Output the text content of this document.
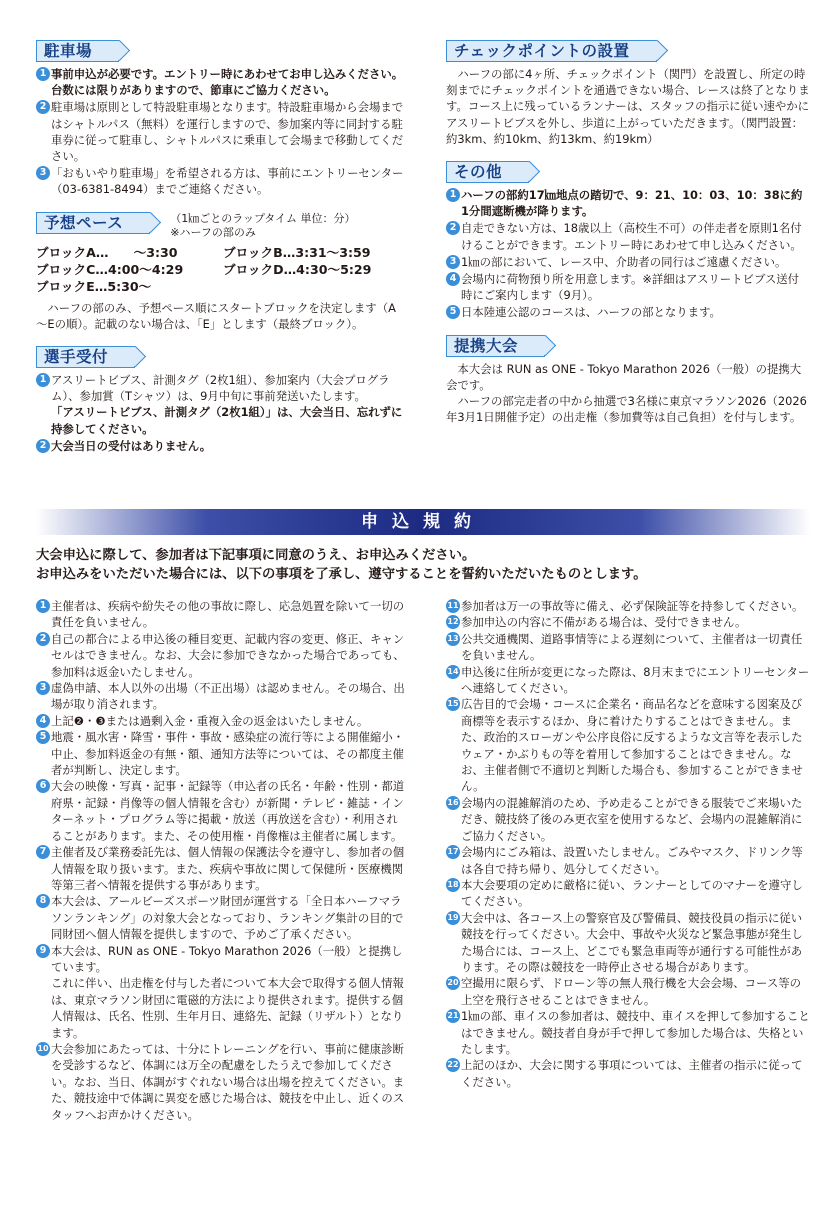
駐車場
1 事前申込が必要です。エントリー時にあわせてお申し込みください。台数には限りがありますので、節車にご協力ください。
2 駐車場は原則として特設駐車場となります。特設駐車場から会場まではシャトルパス（無料）を運行しますので、参加案内等に同封する駐車券に従って駐車し、シャトルパスに乗車して会場まで移動してください。
3 「おもいやり駐車場」を希望される方は、事前にエントリーセンター（03-6381-8494）までご連絡ください。
予想ペース	（1㎞ごとのラップタイム 単位：分）
※ハーフの部のみ
ブロックA…　　～3:30	ブロックB…3:31～3:59
ブロックC…4:00～4:29	ブロックD…4:30～5:29
ブロックE…5:30～
ハーフの部のみ、予想ペース順にスタートブロックを決定します（A～Eの順）。記載のない場合は、「E」とします（最終ブロック）。
選手受付
1 アスリートビブス、計測タグ（2枚1組）、参加案内（大会プログラム）、参加賞（Tシャツ）は、9月中旬に事前発送いたします。
「アスリートビブス、計測タグ（2枚1組）」は、大会当日、忘れずに持参してください。
2 大会当日の受付はありません。
チェックポイントの設置
ハーフの部に4ヶ所、チェックポイント（関門）を設置し、所定の時刻までにチェックポイントを通過できない場合、レースは終了となります。コース上に残っているランナーは、スタッフの指示に従い速やかにアスリートビブスを外し、歩道に上がっていただきます。（関門設置：約3km、約10km、約13km、約19km）
その他
1 ハーフの部約17㎞地点の踏切で、9：21、10：03、10：38に約1分間遮断機が降ります。
2 自走できない方は、18歳以上（高校生不可）の伴走者を原則1名付けることができます。エントリー時にあわせて申し込みください。
3 1㎞の部において、レース中、介助者の同行はご遠慮ください。
4 会場内に荷物預り所を用意します。※詳細はアスリートビブス送付時にご案内します（9月）。
5 日本陸連公認のコースは、ハーフの部となります。
提携大会
本大会は RUN as ONE - Tokyo Marathon 2026（一般）の提携大会です。
ハーフの部完走者の中から抽選で3名様に東京マラソン2026（2026年3月1日開催予定）の出走権（参加費等は自己負担）を付与します。
申込規約
大会申込に際して、参加者は下記事項に同意のうえ、お申込みください。
お申込みをいただいた場合には、以下の事項を了承し、遵守することを誓約いただいたものとします。
1 主催者は、疾病や紛失その他の事故に際し、応急処置を除いて一切の責任を負いません。
2 自己の都合による申込後の種目変更、記載内容の変更、修正、キャンセルはできません。なお、大会に参加できなかった場合であっても、参加料は返金いたしません。
3 虚偽申請、本人以外の出場（不正出場）は認めません。その場合、出場が取り消されます。
4 上記❷・❸または過剰入金・重複入金の返金はいたしません。
5 地震・風水害・降雪・事件・事故・感染症の流行等による開催縮小・中止、参加料返金の有無・額、通知方法等については、その都度主催者が判断し、決定します。
6 大会の映像・写真・記事・記録等（申込者の氏名・年齢・性別・都道府県・記録・肖像等の個人情報を含む）が新聞・テレビ・雑誌・インターネット・プログラム等に掲載・放送（再放送を含む）・利用されることがあります。また、その使用権・肖像権は主催者に属します。
7 主催者及び業務委託先は、個人情報の保護法令を遵守し、参加者の個人情報を取り扱います。また、疾病や事故に関して保健所・医療機関等第三者へ情報を提供する事があります。
8 本大会は、アールビーズスポーツ財団が運営する「全日本ハーフマラソンランキング」の対象大会となっており、ランキング集計の目的で同財団へ個人情報を提供しますので、予めご了承ください。
9 本大会は、RUN as ONE - Tokyo Marathon 2026（一般）と提携しています。
これに伴い、出走権を付与した者について本大会で取得する個人情報は、東京マラソン財団に電磁的方法により提供されます。提供する個人情報は、氏名、性別、生年月日、連絡先、記録（リザルト）となります。
10 大会参加にあたっては、十分にトレーニングを行い、事前に健康診断を受診するなど、体調には万全の配慮をしたうえで参加してください。なお、当日、体調がすぐれない場合は出場を控えてください。また、競技途中で体調に異変を感じた場合は、競技を中止し、近くのスタッフへお声かけください。
11 参加者は万一の事故等に備え、必ず保険証等を持参してください。
12 参加申込の内容に不備がある場合は、受付できません。
13 公共交通機関、道路事情等による遅刻について、主催者は一切責任を負いません。
14 申込後に住所が変更になった際は、8月末までにエントリーセンターへ連絡してください。
15 広告目的で会場・コースに企業名・商品名などを意味する図案及び商標等を表示するほか、身に着けたりすることはできません。また、政治的スローガンや公序良俗に反するような文言等を表示したウェア・かぶりもの等を着用して参加することはできません。なお、主催者側で不適切と判断した場合も、参加することができません。
16 会場内の混雑解消のため、予め走ることができる服装でご来場いただき、競技終了後のみ更衣室を使用するなど、会場内の混雑解消にご協力ください。
17 会場内にごみ箱は、設置いたしません。ごみやマスク、ドリンク等は各自で持ち帰り、処分してください。
18 本大会要項の定めに厳格に従い、ランナーとしてのマナーを遵守してください。
19 大会中は、各コース上の警察官及び警備員、競技役員の指示に従い競技を行ってください。大会中、事故や火災など緊急事態が発生した場合には、コース上、どこでも緊急車両等が通行する可能性があります。その際は競技を一時停止させる場合があります。
20 空撮用に限らず、ドローン等の無人飛行機を大会会場、コース等の上空を飛行させることはできません。
21 1㎞の部、車イスの参加者は、競技中、車イスを押して参加することはできません。競技者自身が手で押して参加した場合は、失格といたします。
22 上記のほか、大会に関する事項については、主催者の指示に従ってください。
